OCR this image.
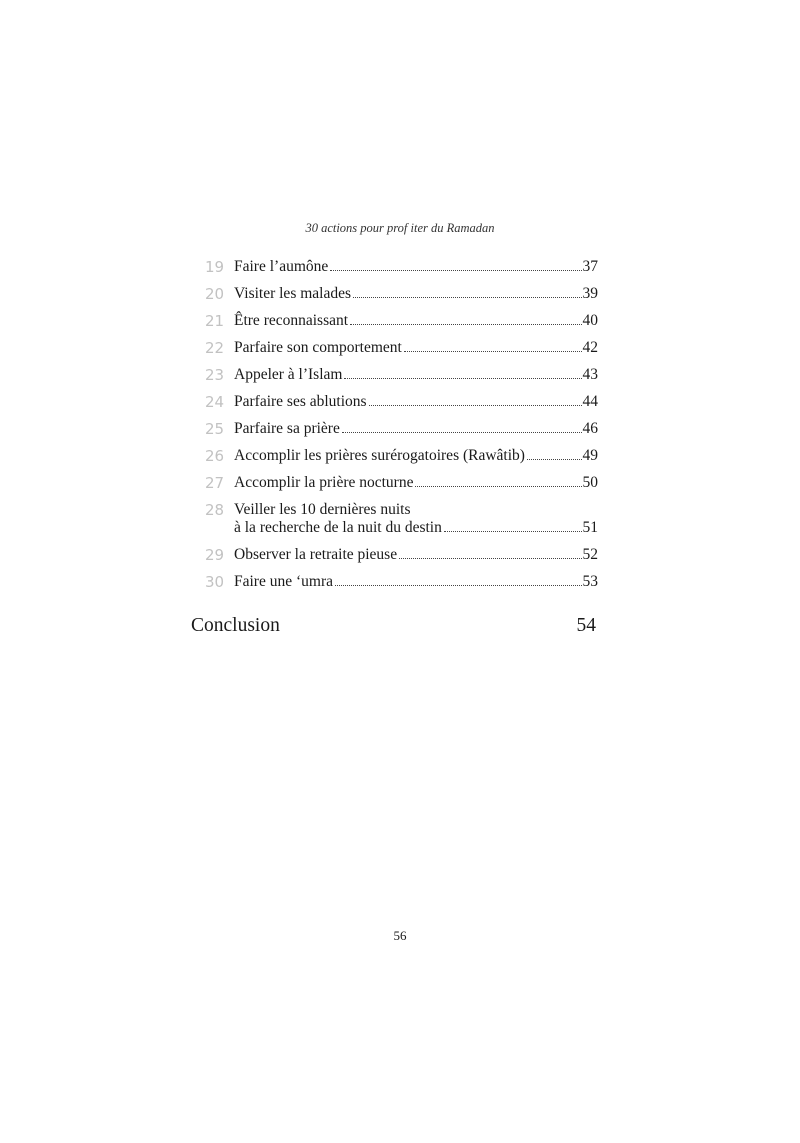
30 actions pour prof iter du Ramadan
19 Faire l’aumône	37
20 Visiter les malades	39
21 Être reconnaissant	40
22 Parfaire son comportement	42
23 Appeler à l’Islam	43
24 Parfaire ses ablutions	44
25 Parfaire sa prière	46
26 Accomplir les prières surérogatoires (Rawâtib)	49
27 Accomplir la prière nocturne	50
28 Veiller les 10 dernières nuits
à la recherche de la nuit du destin	51
29 Observer la retraite pieuse	52
30 Faire une ‘umra	53
Conclusion	54
56
